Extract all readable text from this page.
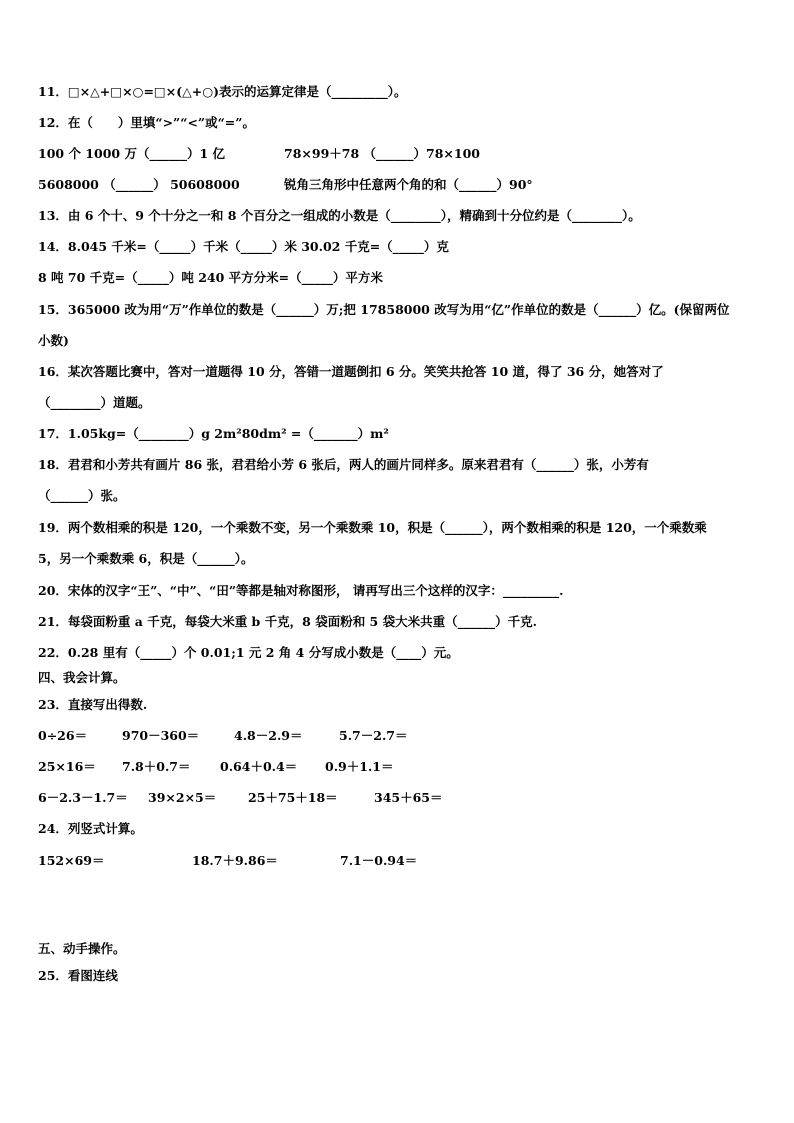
11．□×△+□×○=□×(△+○)表示的运算定律是（_________）。
12．在（　　）里填“>”“<”或“=”。
100 个 1000 万（______）1 亿	78×99＋78 （______）78×100
5608000 （______） 50608000	锐角三角形中任意两个角的和（______）90°
13．由 6 个十、9 个十分之一和 8 个百分之一组成的小数是（________），精确到十分位约是（________）。
14．8.045 千米=（_____）千米（_____）米 30.02 千克=（_____）克
8 吨 70 千克=（_____）吨 240 平方分米=（_____）平方米
15．365000 改为用“万”作单位的数是（______）万;把 17858000 改写为用“亿”作单位的数是（______）亿。(保留两位
小数)
16．某次答题比赛中，答对一道题得 10 分，答错一道题倒扣 6 分。笑笑共抢答 10 道，得了 36 分，她答对了
（________）道题。
17．1.05kg=（________）g 2m²80dm² =（_______）m²
18．君君和小芳共有画片 86 张，君君给小芳 6 张后，两人的画片同样多。原来君君有（______）张，小芳有
（______）张。
19．两个数相乘的积是 120，一个乘数不变，另一个乘数乘 10，积是（______），两个数相乘的积是 120，一个乘数乘
5，另一个乘数乘 6，积是（______）。
20．宋体的汉字“王”、“中”、“田”等都是轴对称图形， 请再写出三个这样的汉字：_________.
21．每袋面粉重 a 千克，每袋大米重 b 千克，8 袋面粉和 5 袋大米共重（______）千克.
22．0.28 里有（_____）个 0.01;1 元 2 角 4 分写成小数是（____）元。
四、我会计算。
23．直接写出得数.
0÷26＝	970－360＝	4.8－2.9＝	5.7－2.7＝
25×16＝ 7.8＋0.7＝ 0.64＋0.4＝ 0.9＋1.1＝
6－2.3－1.7＝ 39×2×5＝	25＋75＋18＝	345＋65＝
24．列竖式计算。
152×69＝	18.7＋9.86＝	7.1－0.94＝
五、动手操作。
25．看图连线
